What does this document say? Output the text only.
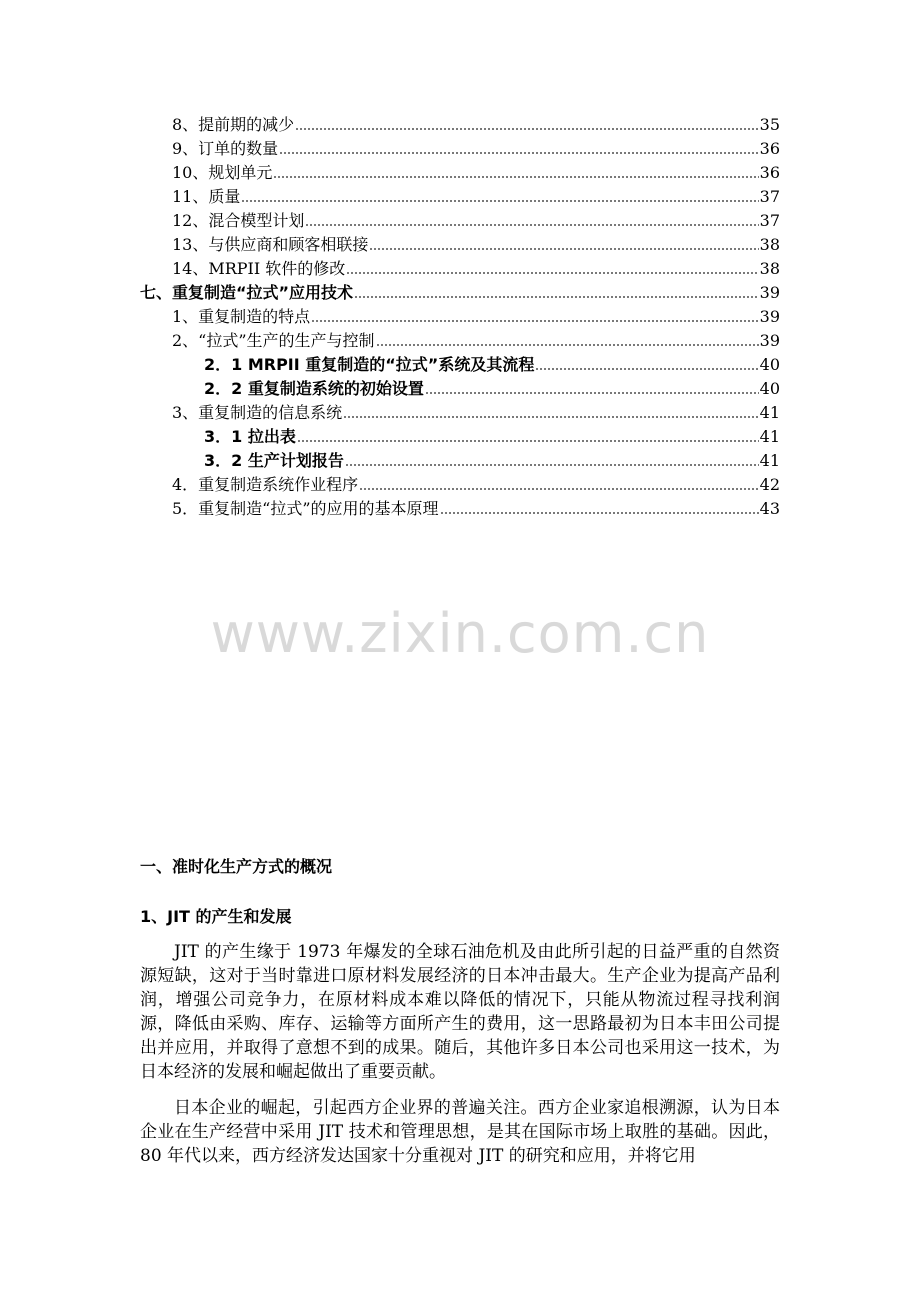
8、提前期的减少	35
9、订单的数量	36
10、规划单元	36
11、质量	37
12、混合模型计划	37
13、与供应商和顾客相联接	38
14、MRPII 软件的修改	38
七、重复制造“拉式”应用技术	39
1、重复制造的特点	39
2、“拉式”生产的生产与控制	39
2．1 MRPII 重复制造的“拉式”系统及其流程	40
2．2 重复制造系统的初始设置	40
3、重复制造的信息系统	41
3．1 拉出表	41
3．2 生产计划报告	41
4．重复制造系统作业程序	42
5．重复制造“拉式”的应用的基本原理	43
www.zixin.com.cn
一、准时化生产方式的概况
1、JIT 的产生和发展
JIT 的产生缘于 1973 年爆发的全球石油危机及由此所引起的日益严重的自然资源短缺，这对于当时靠进口原材料发展经济的日本冲击最大。生产企业为提高产品利润，增强公司竞争力，在原材料成本难以降低的情况下，只能从物流过程寻找利润源，降低由采购、库存、运输等方面所产生的费用，这一思路最初为日本丰田公司提出并应用，并取得了意想不到的成果。随后，其他许多日本公司也采用这一技术，为日本经济的发展和崛起做出了重要贡献。
日本企业的崛起，引起西方企业界的普遍关注。西方企业家追根溯源，认为日本企业在生产经营中采用 JIT 技术和管理思想，是其在国际市场上取胜的基础。因此，80 年代以来，西方经济发达国家十分重视对 JIT 的研究和应用，并将它用
